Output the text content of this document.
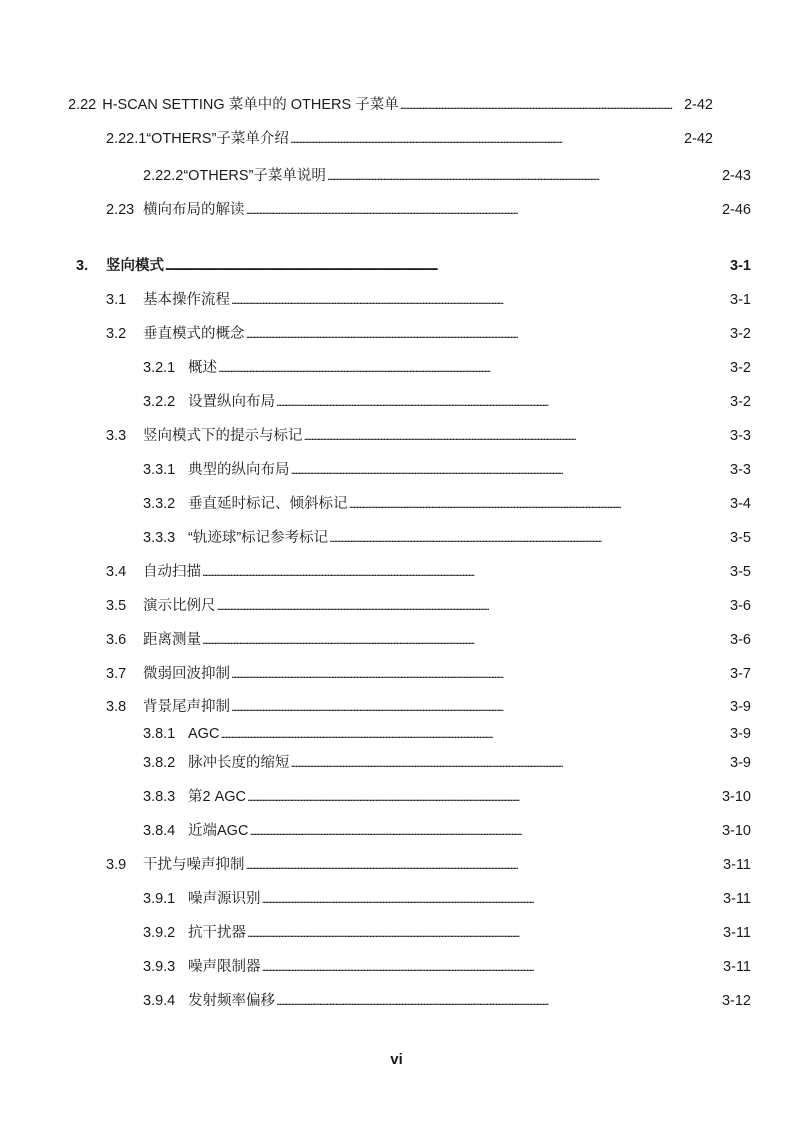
2.22 H-SCAN SETTING 菜单中的 OTHERS 子菜单 . . .	2-42
2.22.1 “OTHERS”子菜单介绍 . . .	2-42
2.22.2 “OTHERS”子菜单说明 . . .	2-43
2.23 横向布局的解读 . . .	2-46
3.	竖向模式 . . .	3-1
3.1	基本操作流程 . . .	3-1
3.2	垂直模式的概念 . . .	3-2
3.2.1 概述 . . .	3-2
3.2.2 设置纵向布局 . . .	3-2
3.3	竖向模式下的提示与标记 . . .	3-3
3.3.1 典型的纵向布局 . . .	3-3
3.3.2 垂直延时标记、倾斜标记 . . .	3-4
3.3.3 “轨迹球”标记参考标记 . . .	3-5
3.4	自动扫描 . . .	3-5
3.5	演示比例尺 . . .	3-6
3.6	距离测量 . . .	3-6
3.7	微弱回波抑制 . . .	3-7
3.8	背景尾声抑制 . . .	3-9
3.8.1 AGC . . .	3-9
3.8.2 脉冲长度的缩短 . . .	3-9
3.8.3 第2 AGC . . .	3-10
3.8.4 近端AGC . . .	3-10
3.9	干扰与噪声抑制 . . .	3-11
3.9.1 噪声源识别 . . .	3-11
3.9.2 抗干扰器 . . .	3-11
3.9.3 噪声限制器 . . .	3-11
3.9.4 发射频率偏移 . . .	3-12
vi
